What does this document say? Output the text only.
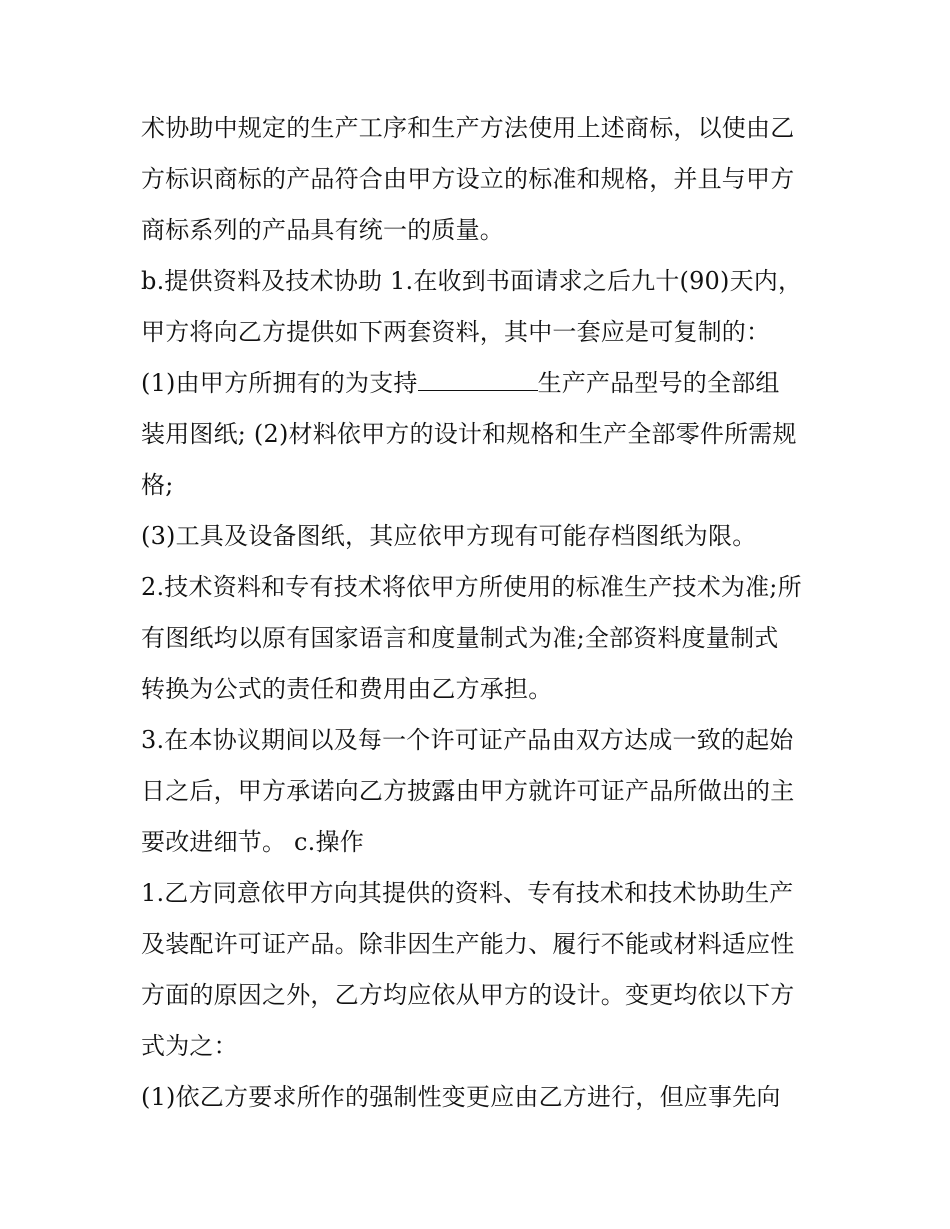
术协助中规定的生产工序和生产方法使用上述商标，以使由乙
方标识商标的产品符合由甲方设立的标准和规格，并且与甲方
商标系列的产品具有统一的质量。
b.提供资料及技术协助 1.在收到书面请求之后九十(90)天内，
甲方将向乙方提供如下两套资料，其中一套应是可复制的：
(1)由甲方所拥有的为支持	生产产品型号的全部组
装用图纸; (2)材料依甲方的设计和规格和生产全部零件所需规
格;
(3)工具及设备图纸，其应依甲方现有可能存档图纸为限。
2.技术资料和专有技术将依甲方所使用的标准生产技术为准;所
有图纸均以原有国家语言和度量制式为准;全部资料度量制式
转换为公式的责任和费用由乙方承担。
3.在本协议期间以及每一个许可证产品由双方达成一致的起始
日之后，甲方承诺向乙方披露由甲方就许可证产品所做出的主
要改进细节。 c.操作
1.乙方同意依甲方向其提供的资料、专有技术和技术协助生产
及装配许可证产品。除非因生产能力、履行不能或材料适应性
方面的原因之外，乙方均应依从甲方的设计。变更均依以下方
式为之：
(1)依乙方要求所作的强制性变更应由乙方进行，但应事先向
